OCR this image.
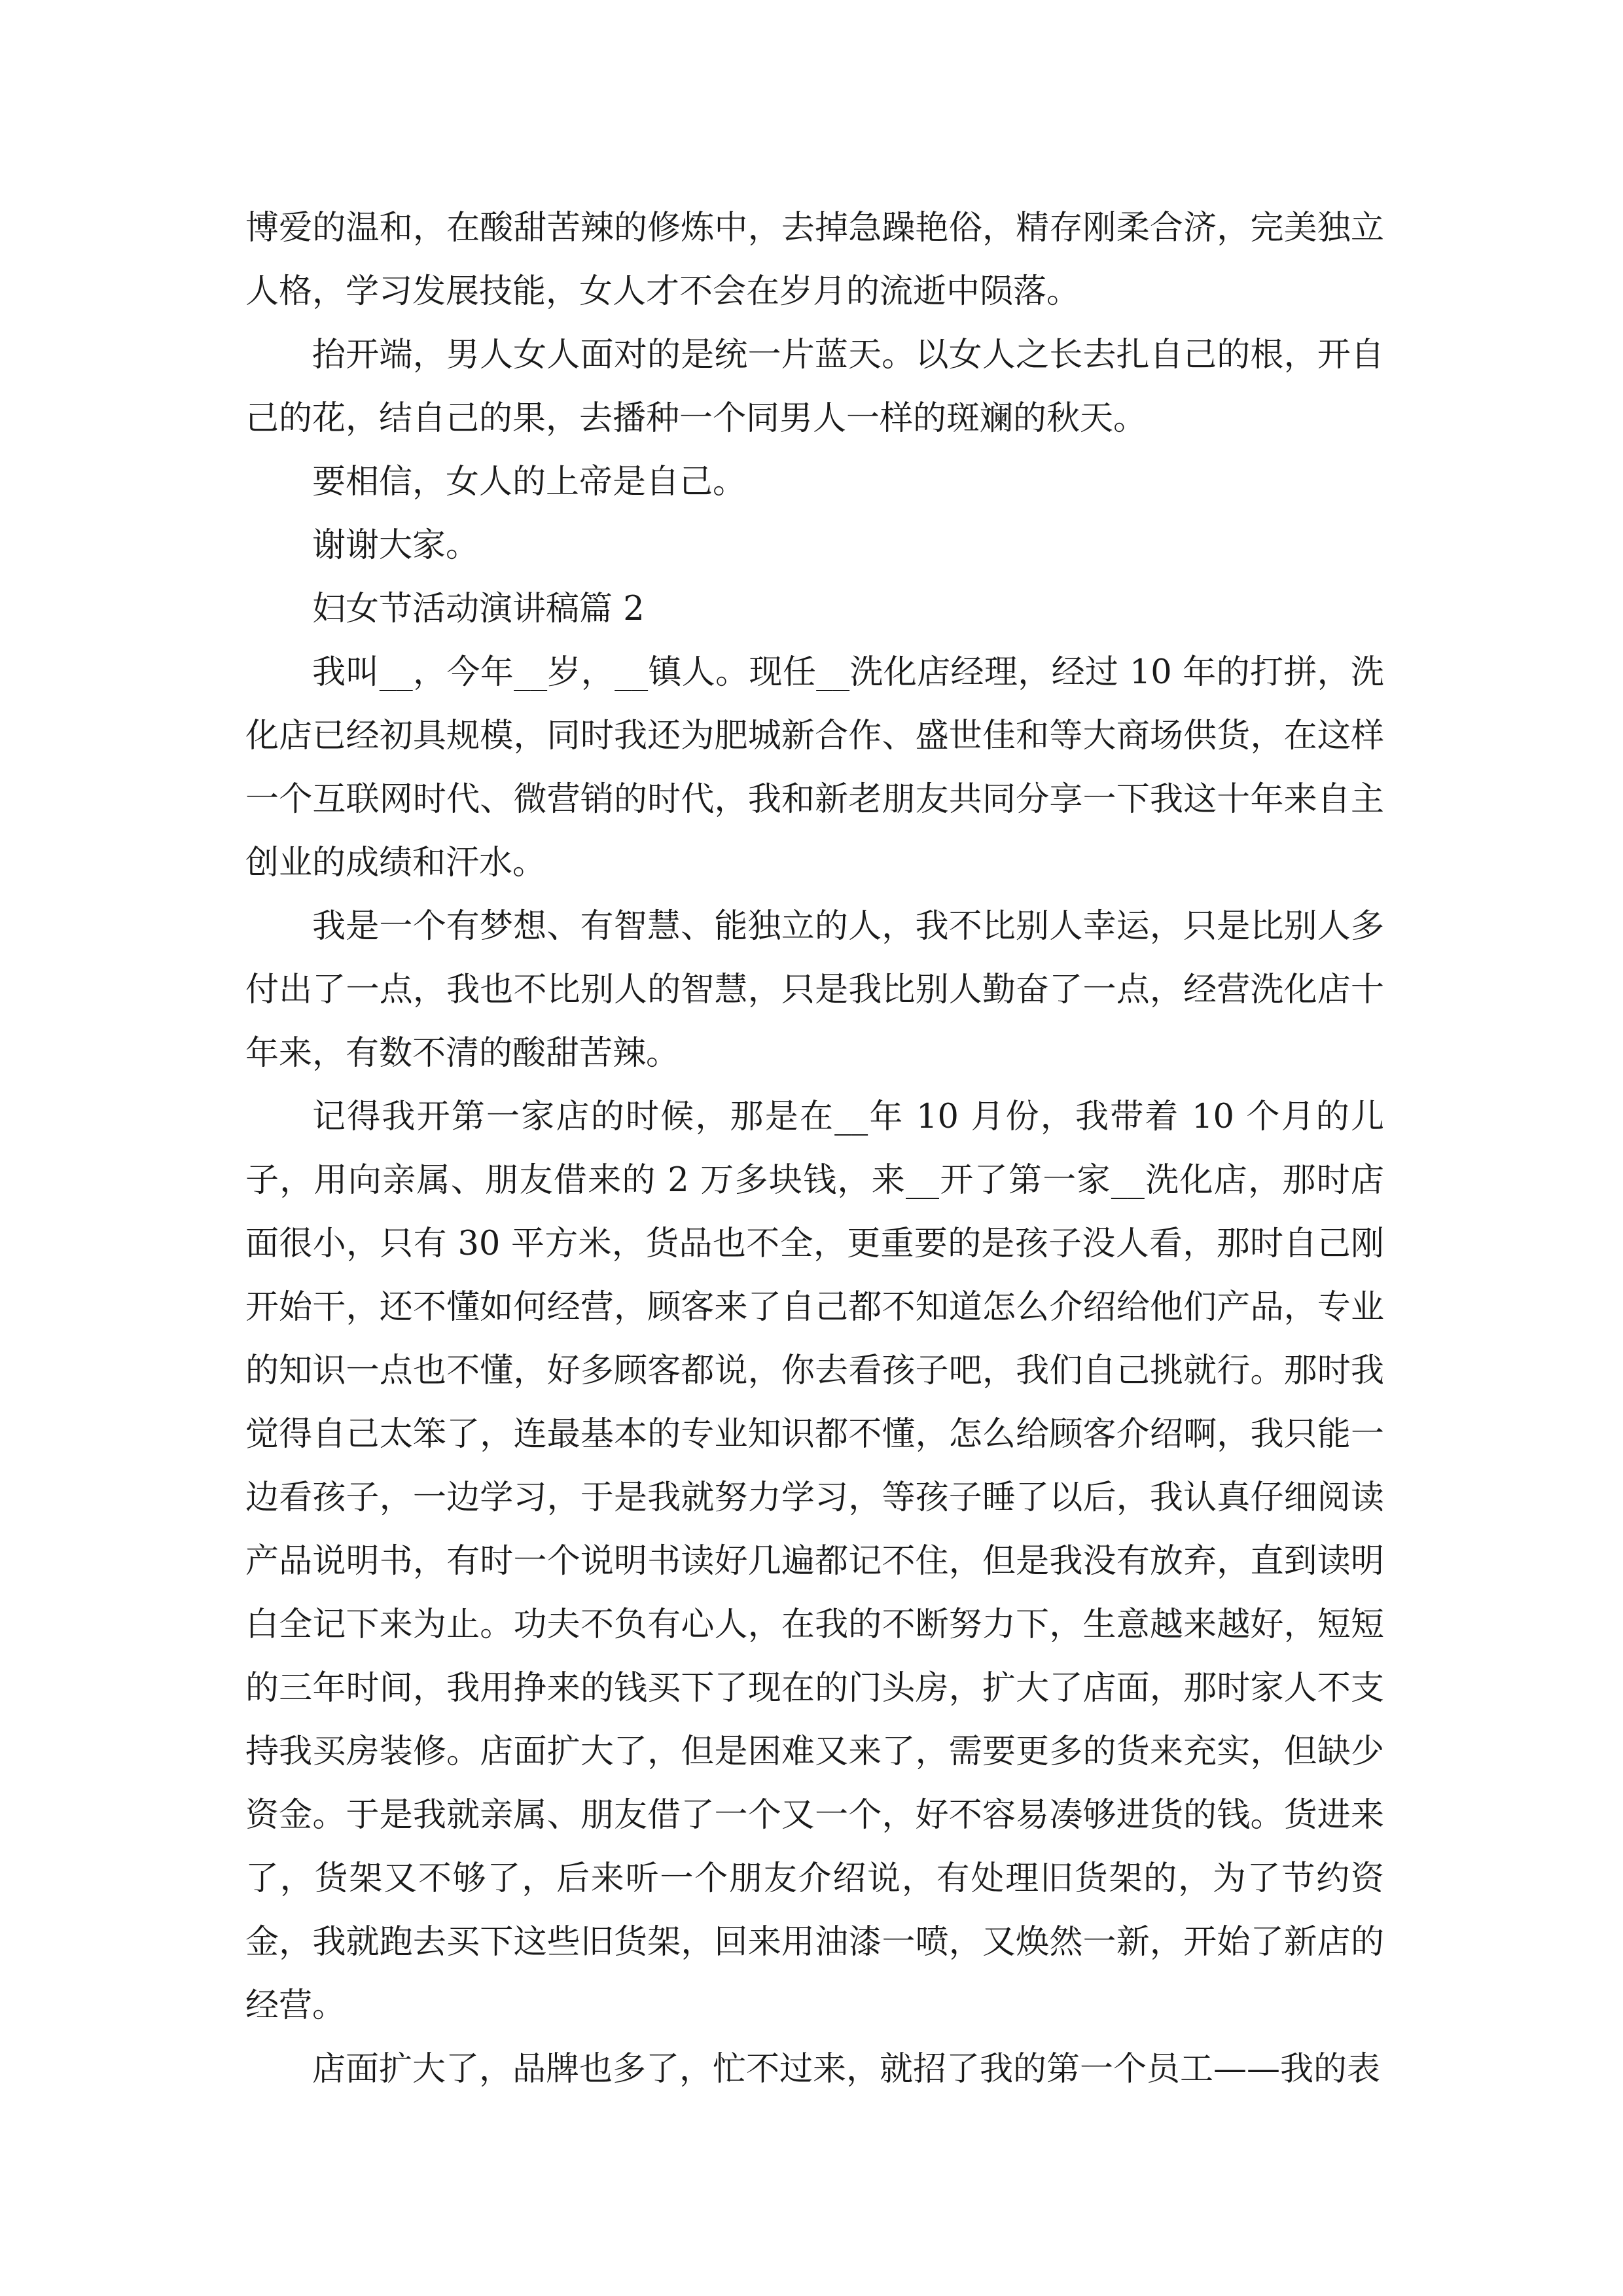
博爱的温和，在酸甜苦辣的修炼中，去掉急躁艳俗，精存刚柔合济，完美独立人格，学习发展技能，女人才不会在岁月的流逝中陨落。

抬开端，男人女人面对的是统一片蓝天。以女人之长去扎自己的根，开自己的花，结自己的果，去播种一个同男人一样的斑斓的秋天。

要相信，女人的上帝是自己。

谢谢大家。

妇女节活动演讲稿篇 2

我叫__，今年__岁，__镇人。现任__洗化店经理，经过 10 年的打拼，洗化店已经初具规模，同时我还为肥城新合作、盛世佳和等大商场供货，在这样一个互联网时代、微营销的时代，我和新老朋友共同分享一下我这十年来自主创业的成绩和汗水。

我是一个有梦想、有智慧、能独立的人，我不比别人幸运，只是比别人多付出了一点，我也不比别人的智慧，只是我比别人勤奋了一点，经营洗化店十年来，有数不清的酸甜苦辣。

记得我开第一家店的时候，那是在__年 10 月份，我带着 10 个月的儿子，用向亲属、朋友借来的 2 万多块钱，来__开了第一家__洗化店，那时店面很小，只有 30 平方米，货品也不全，更重要的是孩子没人看，那时自己刚开始干，还不懂如何经营，顾客来了自己都不知道怎么介绍给他们产品，专业的知识一点也不懂，好多顾客都说，你去看孩子吧，我们自己挑就行。那时我觉得自己太笨了，连最基本的专业知识都不懂，怎么给顾客介绍啊，我只能一边看孩子，一边学习，于是我就努力学习，等孩子睡了以后，我认真仔细阅读产品说明书，有时一个说明书读好几遍都记不住，但是我没有放弃，直到读明白全记下来为止。功夫不负有心人，在我的不断努力下，生意越来越好，短短的三年时间，我用挣来的钱买下了现在的门头房，扩大了店面，那时家人不支持我买房装修。店面扩大了，但是困难又来了，需要更多的货来充实，但缺少资金。于是我就亲属、朋友借了一个又一个，好不容易凑够进货的钱。货进来了，货架又不够了，后来听一个朋友介绍说，有处理旧货架的，为了节约资金，我就跑去买下这些旧货架，回来用油漆一喷，又焕然一新，开始了新店的经营。

店面扩大了，品牌也多了，忙不过来，就招了我的第一个员工——我的表
